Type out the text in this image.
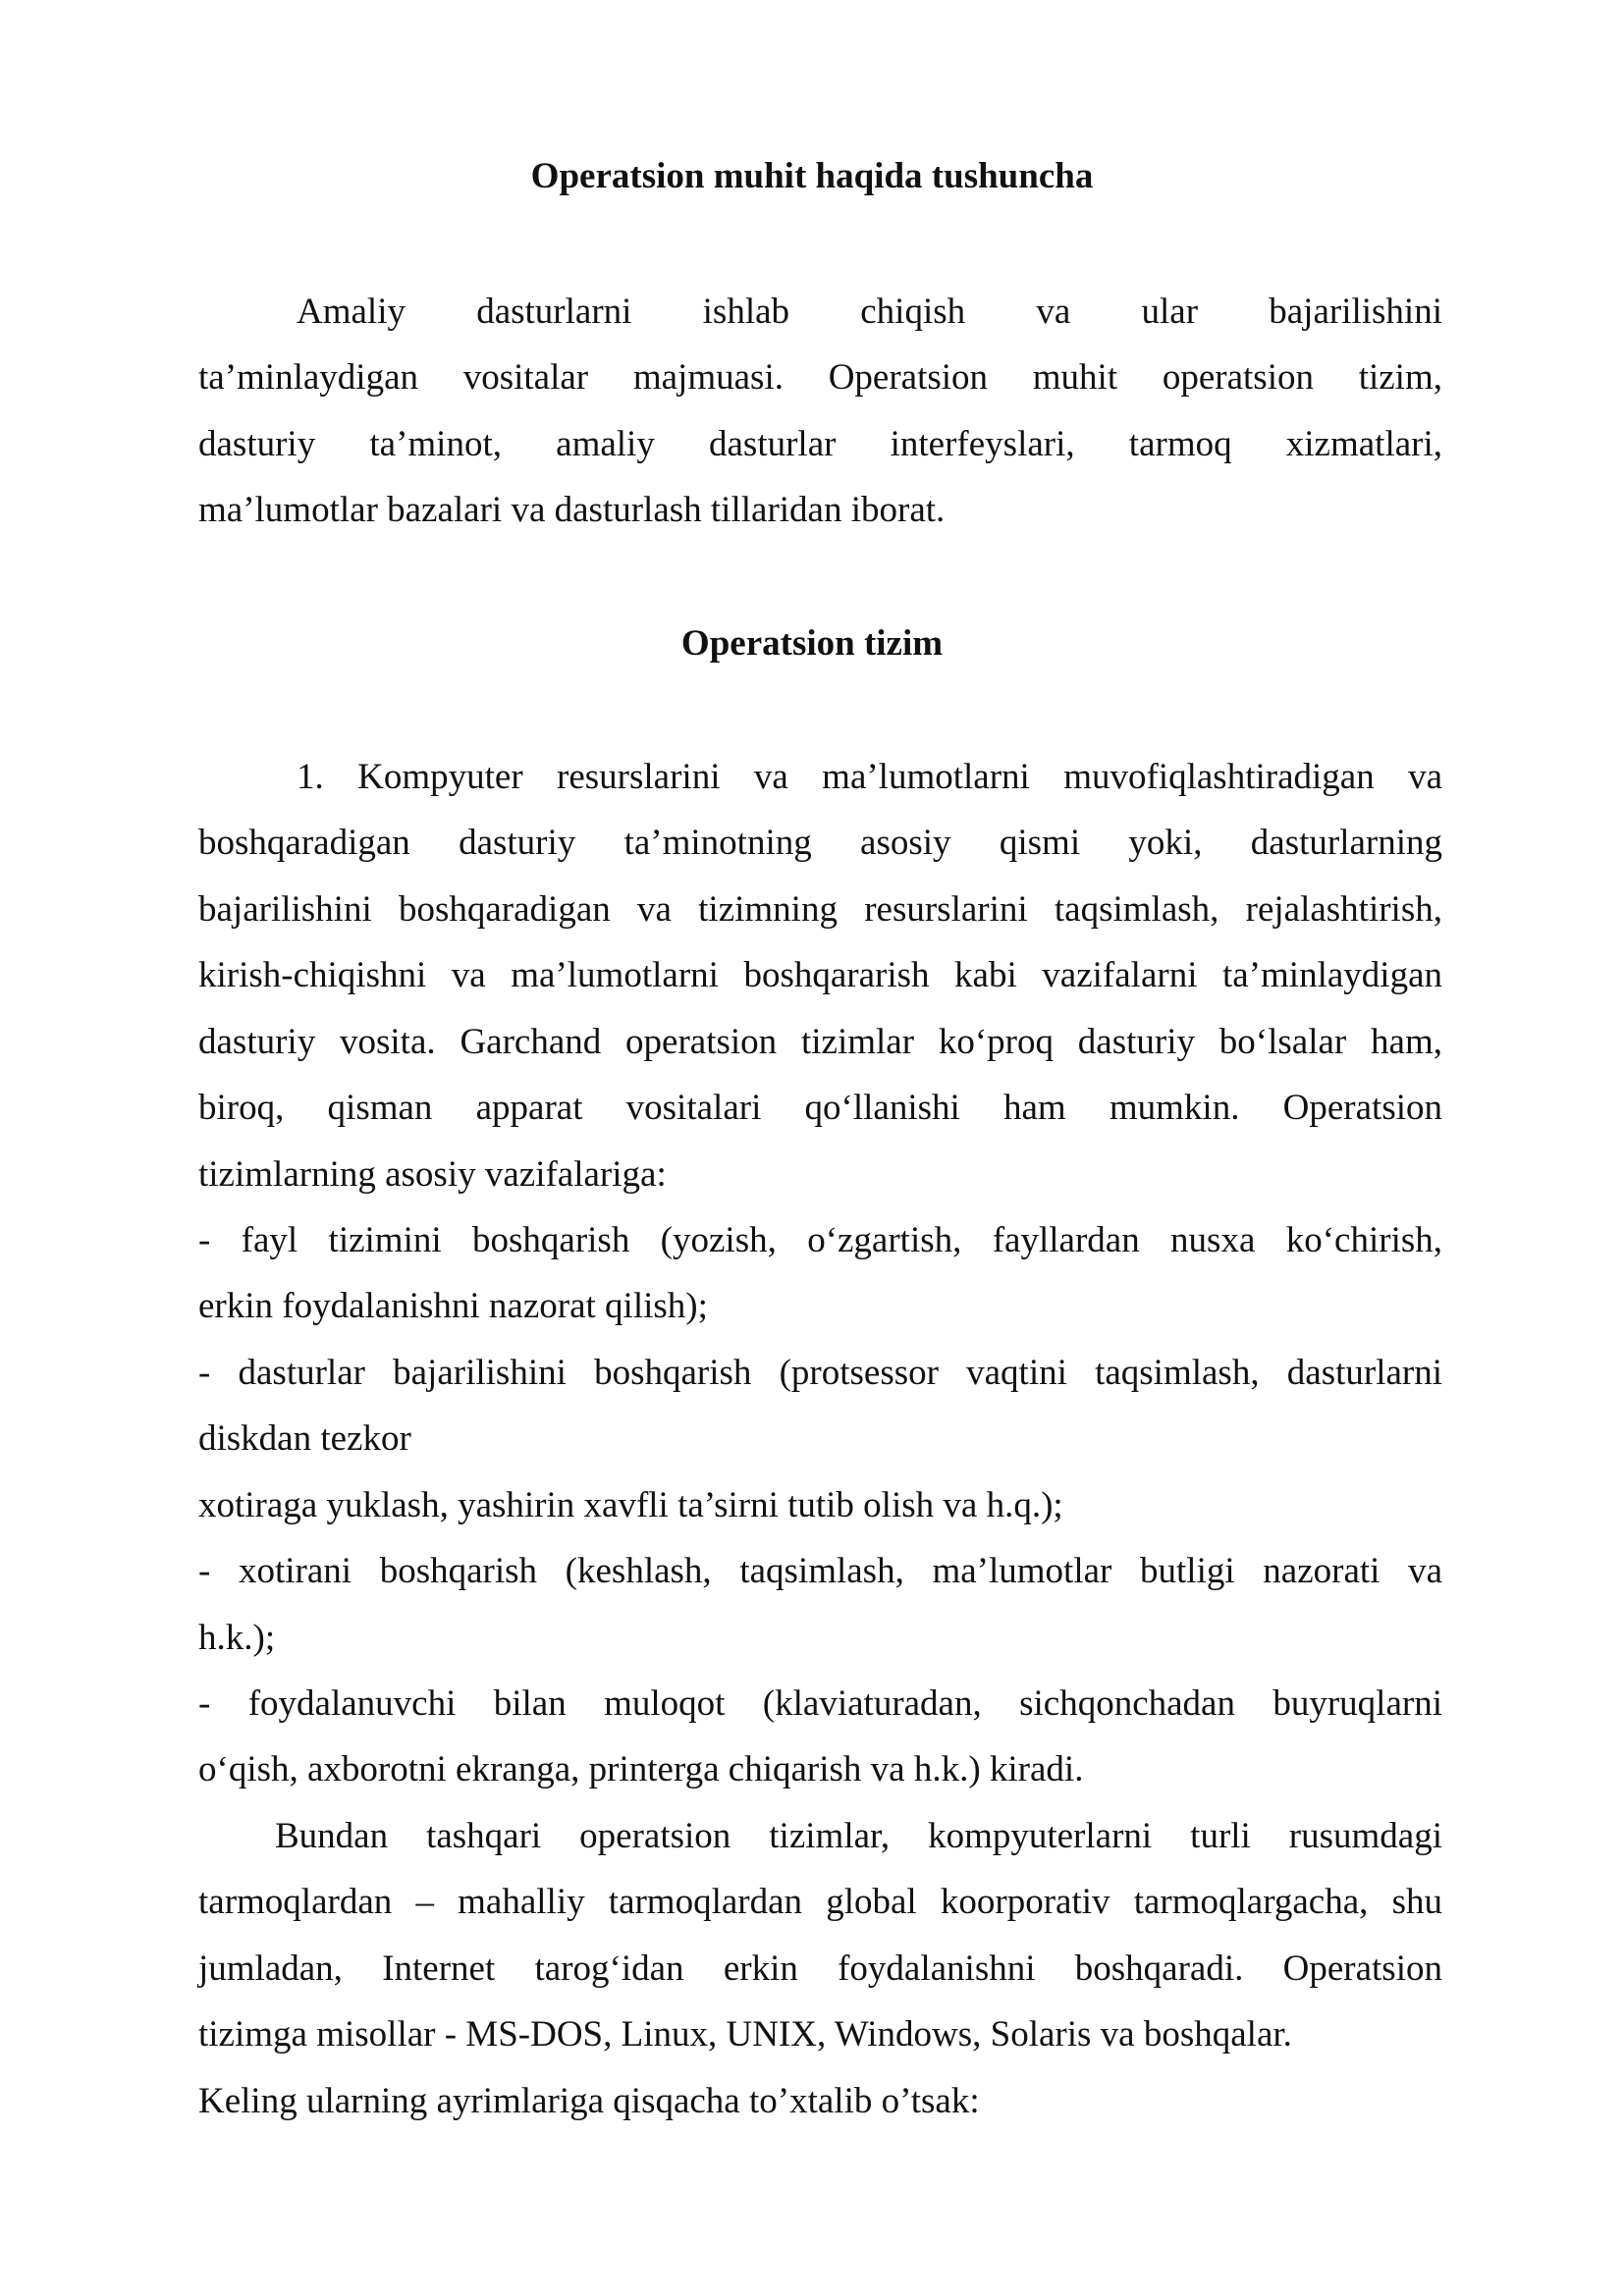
Operatsion muhit haqida tushuncha

Amaliy dasturlarni ishlab chiqish va ular bajarilishini

ta’minlaydigan vositalar majmuasi. Operatsion muhit operatsion tizim,

dasturiy ta’minot, amaliy dasturlar interfeyslari, tarmoq xizmatlari,

ma’lumotlar bazalari va dasturlash tillaridan iborat.

Operatsion tizim

1. Kompyuter resurslarini va ma’lumotlarni muvofiqlashtiradigan va

boshqaradigan dasturiy ta’minotning asosiy qismi yoki, dasturlarning

bajarilishini boshqaradigan va tizimning resurslarini taqsimlash, rejalashtirish,

kirish-chiqishni va ma’lumotlarni boshqararish kabi vazifalarni ta’minlaydigan

dasturiy vosita. Garchand operatsion tizimlar ko‘proq dasturiy bo‘lsalar ham,

biroq, qisman apparat vositalari qo‘llanishi ham mumkin. Operatsion

tizimlarning asosiy vazifalariga:

- fayl tizimini boshqarish (yozish, o‘zgartish, fayllardan nusxa ko‘chirish,

erkin foydalanishni nazorat qilish);

- dasturlar bajarilishini boshqarish (protsessor vaqtini taqsimlash, dasturlarni

diskdan tezkor

xotiraga yuklash, yashirin xavfli ta’sirni tutib olish va h.q.);

- xotirani boshqarish (keshlash, taqsimlash, ma’lumotlar butligi nazorati va

h.k.);

- foydalanuvchi bilan muloqot (klaviaturadan, sichqonchadan buyruqlarni

o‘qish, axborotni ekranga, printerga chiqarish va h.k.) kiradi.

Bundan tashqari operatsion tizimlar, kompyuterlarni turli rusumdagi

tarmoqlardan – mahalliy tarmoqlardan global koorporativ tarmoqlargacha, shu

jumladan, Internet tarog‘idan erkin foydalanishni boshqaradi. Operatsion

tizimga misollar - MS-DOS, Linux, UNIX, Windows, Solaris va boshqalar.

Keling ularning ayrimlariga qisqacha to’xtalib o’tsak:
